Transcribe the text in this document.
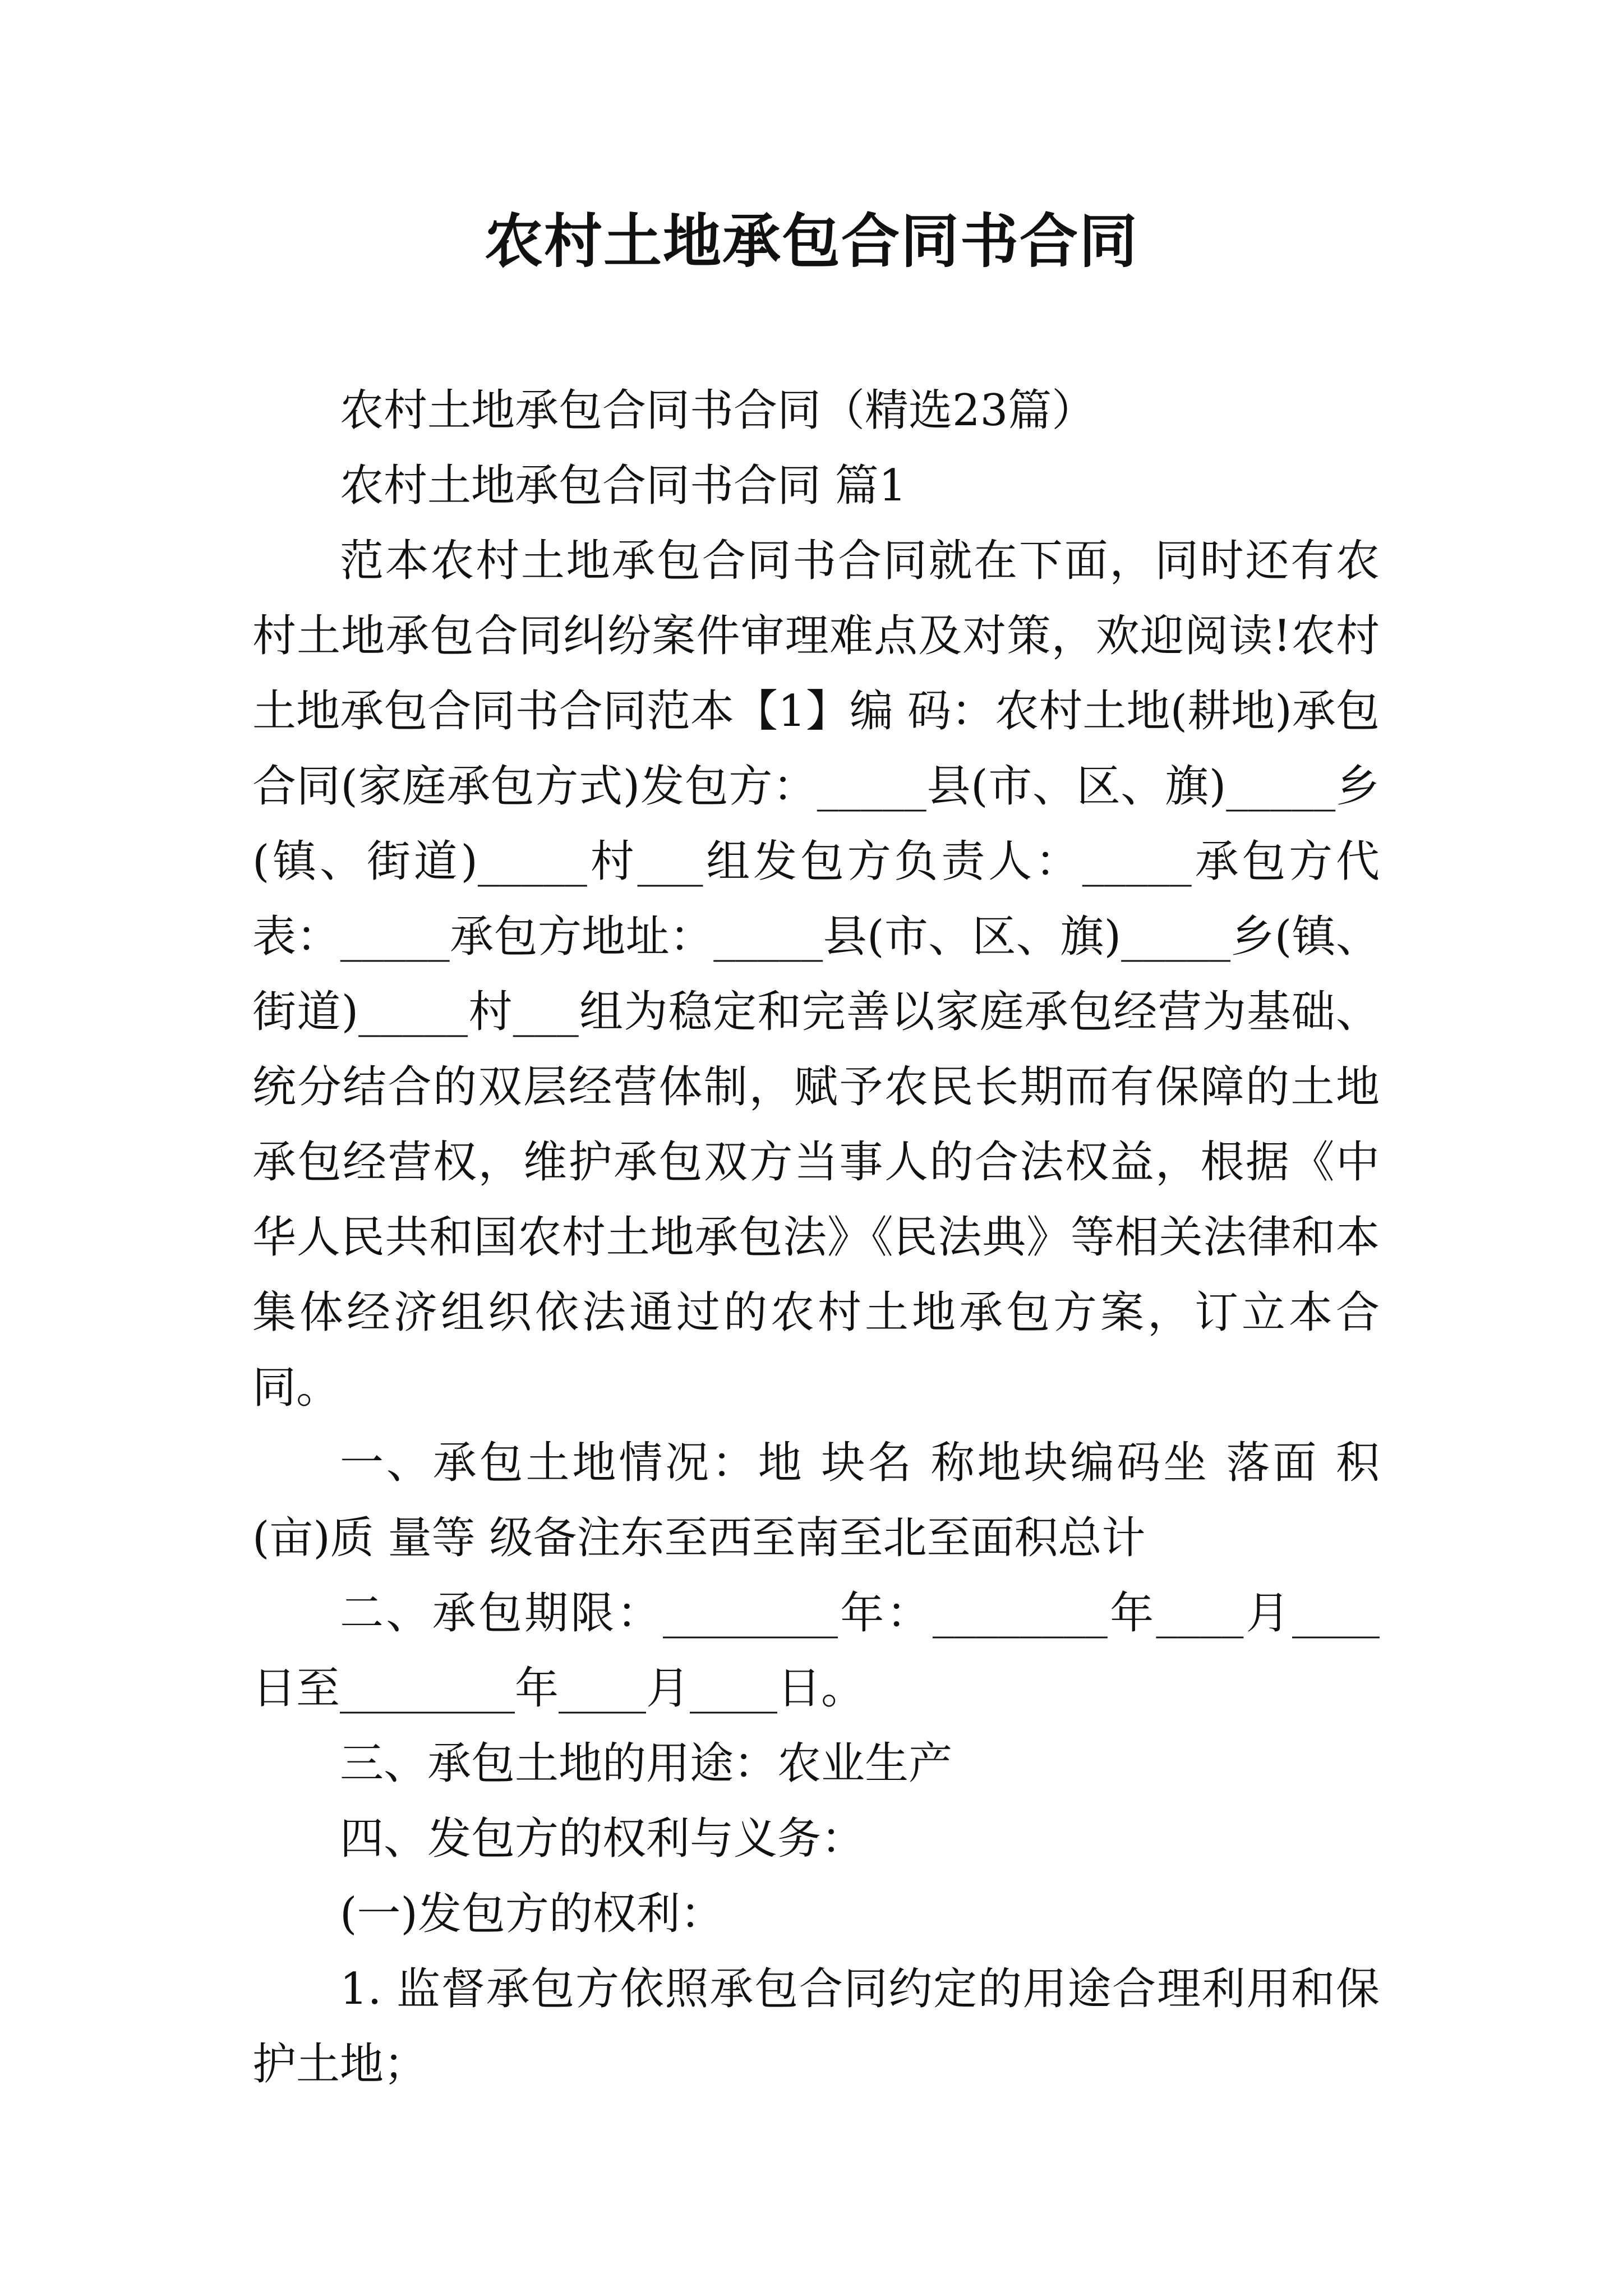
农村土地承包合同书合同

农村土地承包合同书合同（精选23篇）

农村土地承包合同书合同 篇1

范本农村土地承包合同书合同就在下面，同时还有农村土地承包合同纠纷案件审理难点及对策，欢迎阅读!农村土地承包合同书合同范本【1】编 码：农村土地(耕地)承包合同(家庭承包方式)发包方：_____县(市、区、旗)_____乡(镇、街道)_____村___组发包方负责人：_____承包方代表：_____承包方地址：_____县(市、区、旗)_____乡(镇、街道)_____村___组为稳定和完善以家庭承包经营为基础、统分结合的双层经营体制，赋予农民长期而有保障的土地承包经营权，维护承包双方当事人的合法权益，根据《中华人民共和国农村土地承包法》《民法典》等相关法律和本集体经济组织依法通过的农村土地承包方案，订立本合同。

一、承包土地情况：地 块名 称地块编码坐 落面 积(亩)质 量等 级备注东至西至南至北至面积总计

二、承包期限：________年：________年____月____日至________年____月____日。

三、承包土地的用途：农业生产

四、发包方的权利与义务：

(一)发包方的权利：

1. 监督承包方依照承包合同约定的用途合理利用和保护土地；
